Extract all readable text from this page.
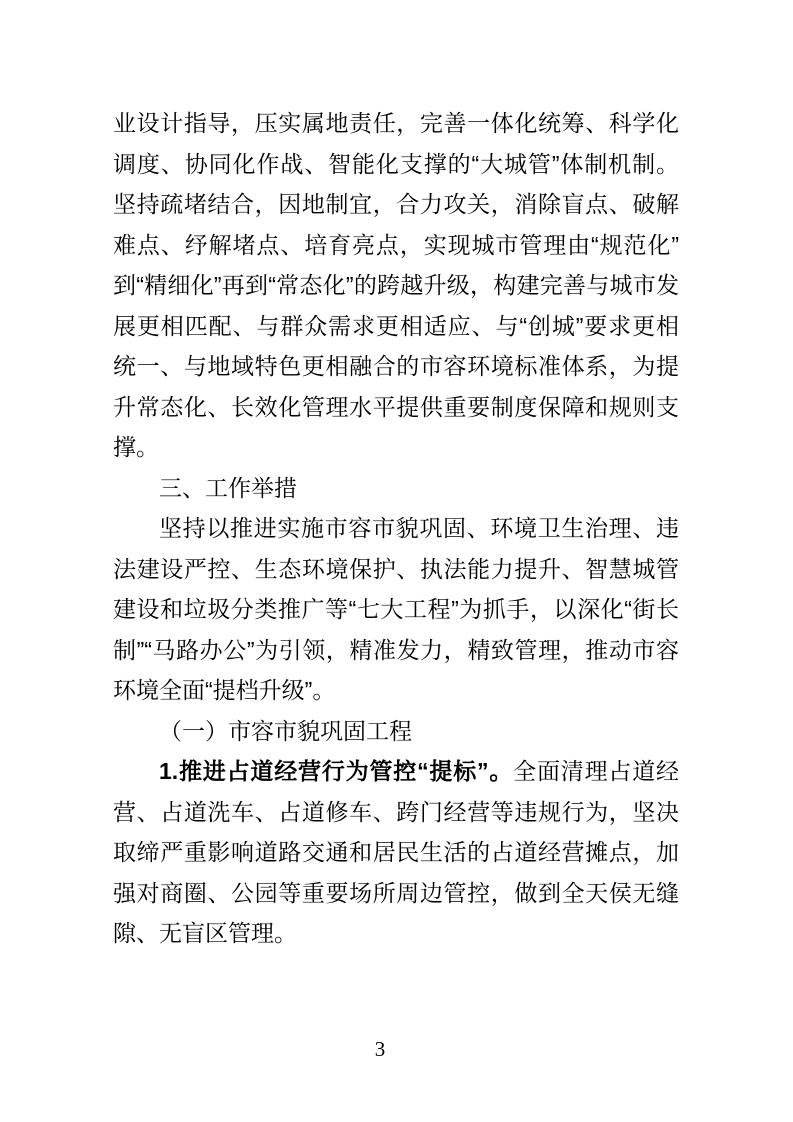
业设计指导，压实属地责任，完善一体化统筹、科学化调度、协同化作战、智能化支撑的“大城管”体制机制。坚持疏堵结合，因地制宜，合力攻关，消除盲点、破解难点、纾解堵点、培育亮点，实现城市管理由“规范化”到“精细化”再到“常态化”的跨越升级，构建完善与城市发展更相匹配、与群众需求更相适应、与“创城”要求更相统一、与地域特色更相融合的市容环境标准体系，为提升常态化、长效化管理水平提供重要制度保障和规则支撑。

三、工作举措

坚持以推进实施市容市貌巩固、环境卫生治理、违法建设严控、生态环境保护、执法能力提升、智慧城管建设和垃圾分类推广等“七大工程”为抓手，以深化“街长制”“马路办公”为引领，精准发力，精致管理，推动市容环境全面“提档升级”。

（一）市容市貌巩固工程

1.推进占道经营行为管控“提标”。全面清理占道经营、占道洗车、占道修车、跨门经营等违规行为，坚决取缔严重影响道路交通和居民生活的占道经营摊点，加强对商圈、公园等重要场所周边管控，做到全天侯无缝隙、无盲区管理。

3
